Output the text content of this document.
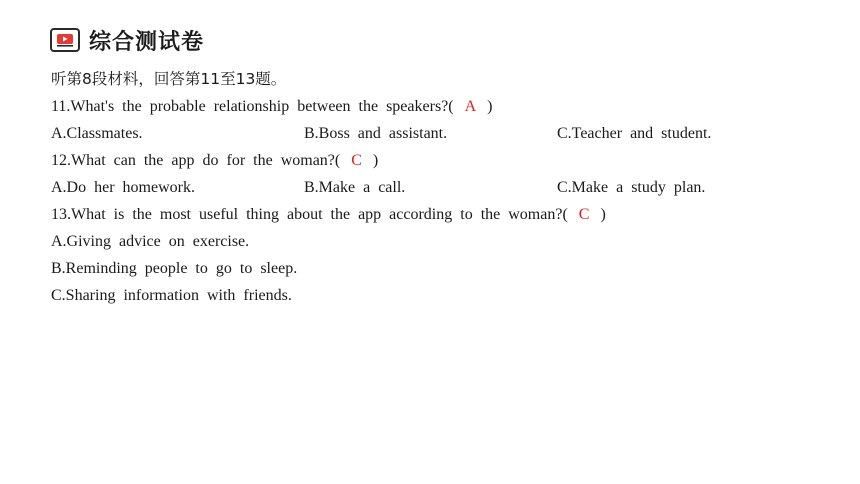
综合测试卷
听第8段材料，回答第11至13题。
11.What's the probable relationship between the speakers?( A )
A.Classmates.	B.Boss and assistant.	C.Teacher and student.
12.What can the app do for the woman?( C )
A.Do her homework.	B.Make a call.	C.Make a study plan.
13.What is the most useful thing about the app according to the woman?( C )
A.Giving advice on exercise.
B.Reminding people to go to sleep.
C.Sharing information with friends.
